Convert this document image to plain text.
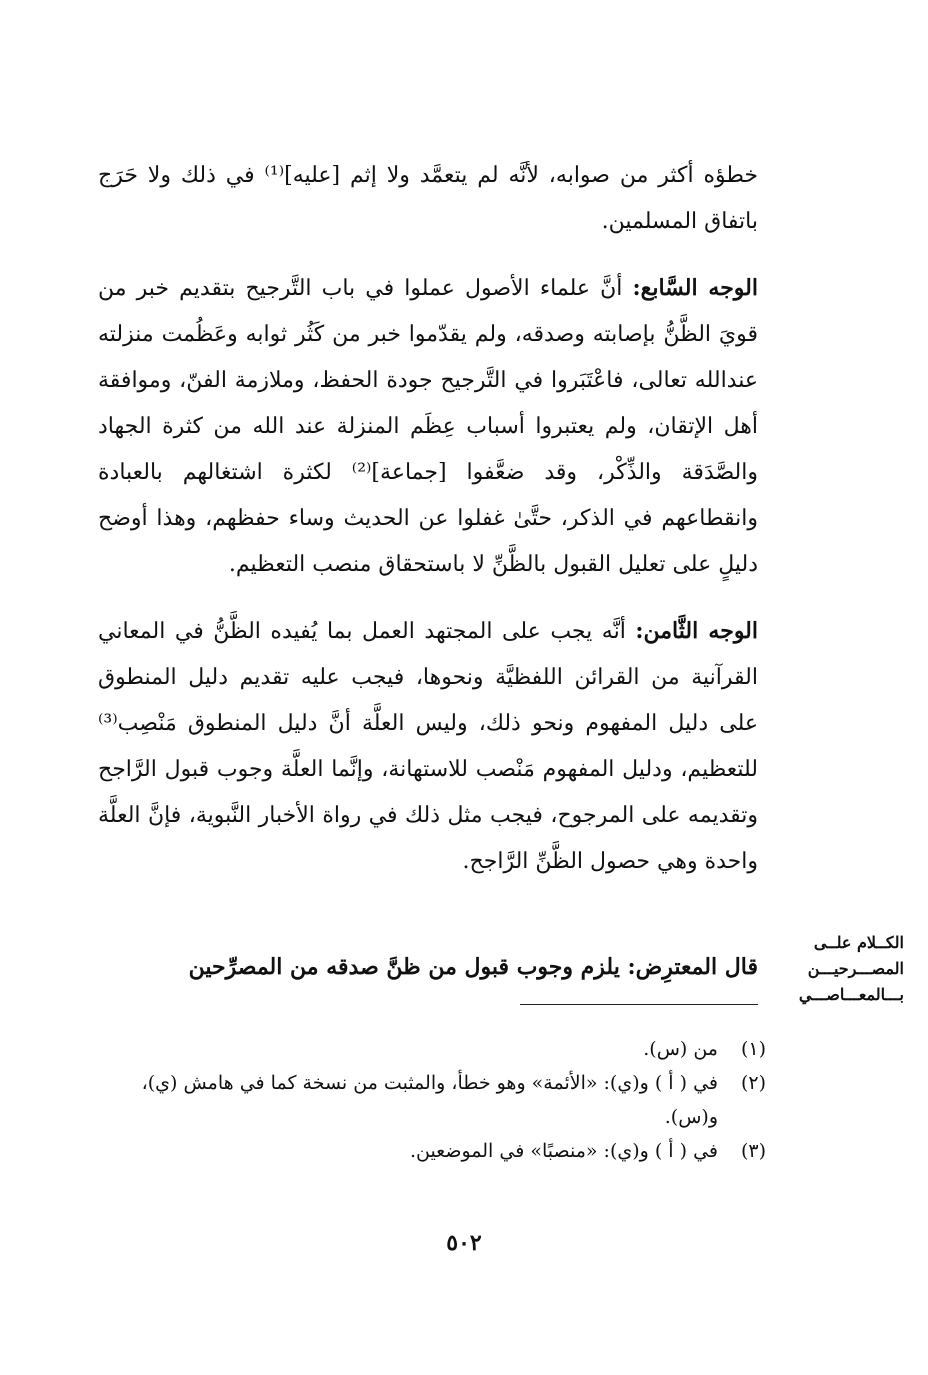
خطؤه أكثر من صوابه، لأنَّه لم يتعمَّد ولا إثم [عليه]⁽¹⁾ في ذلك ولا حَرَج باتفاق المسلمين.

الوجه السَّابع: أنَّ علماء الأصول عملوا في باب التَّرجيح بتقديم خبر من قويَ الظَّنُّ بإصابته وصدقه، ولم يقدّموا خبر من كَثُر ثوابه وعَظُمت منزلته عندالله تعالى، فاعْتَبَروا في التَّرجيح جودة الحفظ، وملازمة الفنّ، وموافقة أهل الإتقان، ولم يعتبروا أسباب عِظَم المنزلة عند الله من كثرة الجهاد والصَّدَقة والذِّكْر، وقد ضعَّفوا [جماعة]⁽²⁾ لكثرة اشتغالهم بالعبادة وانقطاعهم في الذكر، حتَّىٰ غفلوا عن الحديث وساء حفظهم، وهذا أوضح دليلٍ على تعليل القبول بالظَّنِّ لا باستحقاق منصب التعظيم.

الوجه الثَّامن: أنَّه يجب على المجتهد العمل بما يُفيده الظَّنُّ في المعاني القرآنية من القرائن اللفظيَّة ونحوها، فيجب عليه تقديم دليل المنطوق على دليل المفهوم ونحو ذلك، وليس العلَّة أنَّ دليل المنطوق مَنْصِب⁽³⁾ للتعظيم، ودليل المفهوم مَنْصب للاستهانة، وإنَّما العلَّة وجوب قبول الرَّاجح وتقديمه على المرجوح، فيجب مثل ذلك في رواة الأخبار النَّبوية، فإنَّ العلَّة واحدة وهي حصول الظَّنِّ الرَّاجح.

قال المعترِض: يلزم وجوب قبول من ظنَّ صدقه من المصرِّحين
الكــلام علــى
المصـــرحيـــن
بـــالمعـــاصـــي
(١)
من (س).
(٢)
في ( أ ) و(ي): «الأئمة» وهو خطأ، والمثبت من نسخة كما في هامش (ي)، و(س).
(٣)
في ( أ ) و(ي): «منصبًا» في الموضعين.
٥٠٢
